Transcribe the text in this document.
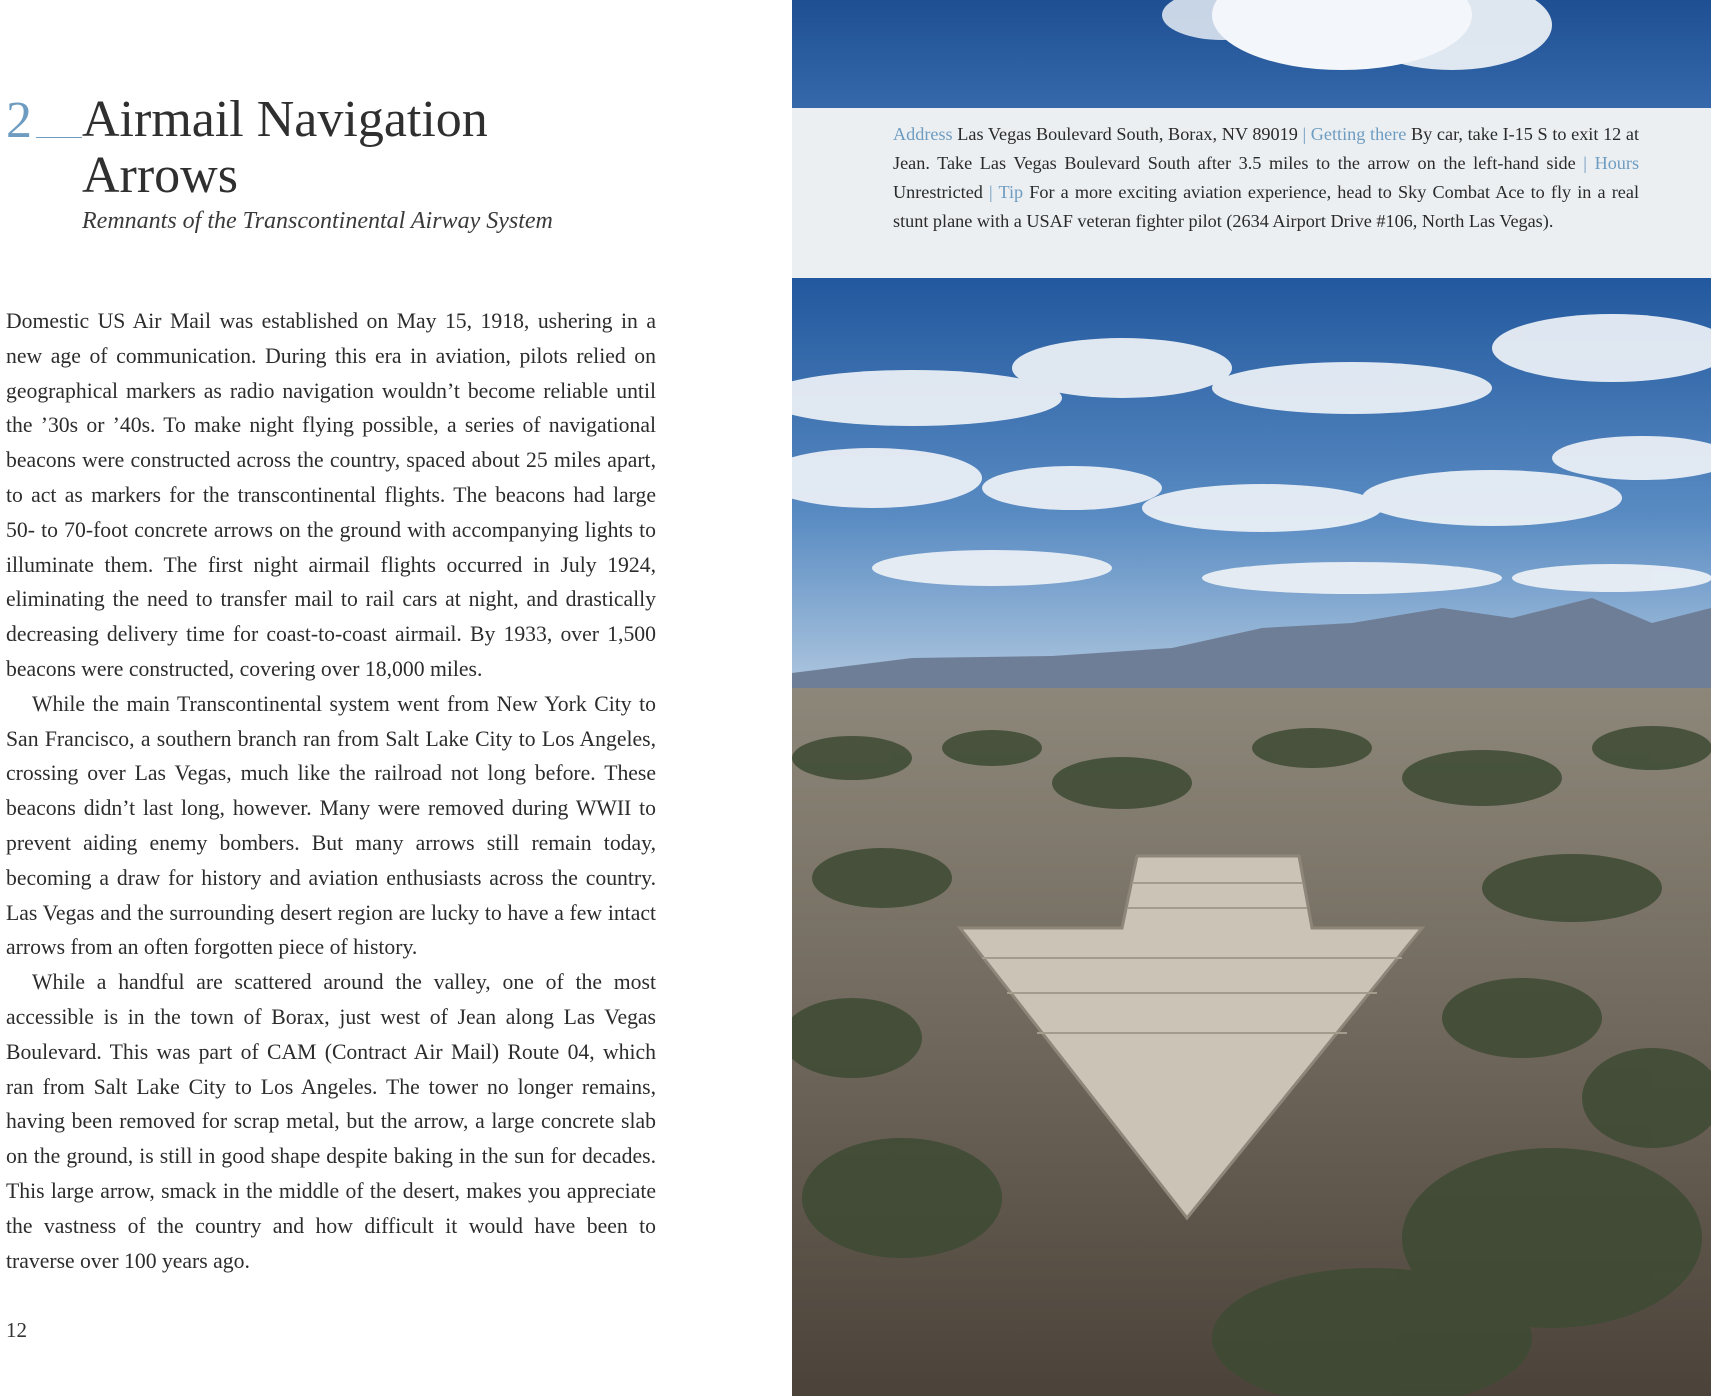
2 Airmail Navigation
Arrows
Remnants of the Transcontinental Airway System

Domestic US Air Mail was established on May 15, 1918, ushering in a new age of communication. During this era in aviation, pilots relied on geographical markers as radio navigation wouldn’t become reliable until the ’30s or ’40s. To make night flying possible, a series of navigational beacons were constructed across the country, spaced about 25 miles apart, to act as markers for the transcontinental flights. The beacons had large 50- to 70-foot concrete arrows on the ground with accompanying lights to illuminate them. The first night airmail flights occurred in July 1924, eliminating the need to transfer mail to rail cars at night, and drastically decreasing delivery time for coast-to-coast airmail. By 1933, over 1,500 beacons were constructed, covering over 18,000 miles.

While the main Transcontinental system went from New York City to San Francisco, a southern branch ran from Salt Lake City to Los Angeles, crossing over Las Vegas, much like the railroad not long before. These beacons didn’t last long, however. Many were removed during WWII to prevent aiding enemy bombers. But many arrows still remain today, becoming a draw for history and aviation enthusiasts across the country. Las Vegas and the surrounding desert region are lucky to have a few intact arrows from an often forgotten piece of history.

While a handful are scattered around the valley, one of the most accessible is in the town of Borax, just west of Jean along Las Vegas Boulevard. This was part of CAM (Contract Air Mail) Route 04, which ran from Salt Lake City to Los Angeles. The tower no longer remains, having been removed for scrap metal, but the arrow, a large concrete slab on the ground, is still in good shape despite baking in the sun for decades. This large arrow, smack in the middle of the desert, makes you appreciate the vastness of the country and how difficult it would have been to traverse over 100 years ago.

12
Address Las Vegas Boulevard South, Borax, NV 89019 | Getting there By car, take I-15 S to exit 12 at Jean. Take Las Vegas Boulevard South after 3.5 miles to the arrow on the left-hand side | Hours Unrestricted | Tip For a more exciting aviation experience, head to Sky Combat Ace to fly in a real stunt plane with a USAF veteran fighter pilot (2634 Airport Drive #106, North Las Vegas).
